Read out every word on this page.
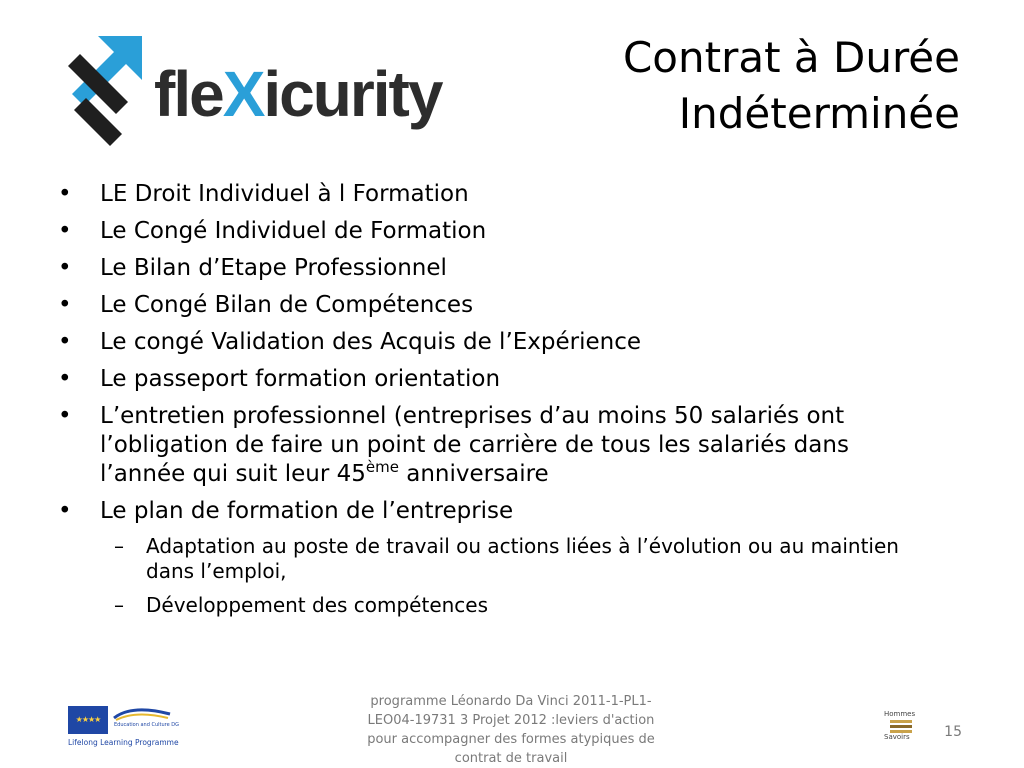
fleXicurity
Contrat à Durée
Indéterminée
• LE Droit Individuel à l Formation
• Le Congé Individuel de Formation
• Le Bilan d’Etape Professionnel
• Le Congé Bilan de Compétences
• Le congé Validation des Acquis de l’Expérience
• Le passeport formation orientation
• L’entretien professionnel (entreprises d’au moins 50 salariés ont l’obligation de faire un point de carrière de tous les salariés dans l’année qui suit leur 45ème anniversaire
• Le plan de formation de l’entreprise
– Adaptation au poste de travail ou actions liées à l’évolution ou au maintien dans l’emploi,
– Développement des compétences
★★★★
Education and Culture DG
Lifelong Learning Programme
programme Léonardo Da Vinci 2011-1-PL1-LEO04-19731 3 Projet 2012 :leviers d'action pour accompagner des formes atypiques de contrat de travail
Hommes
Savoirs 15
